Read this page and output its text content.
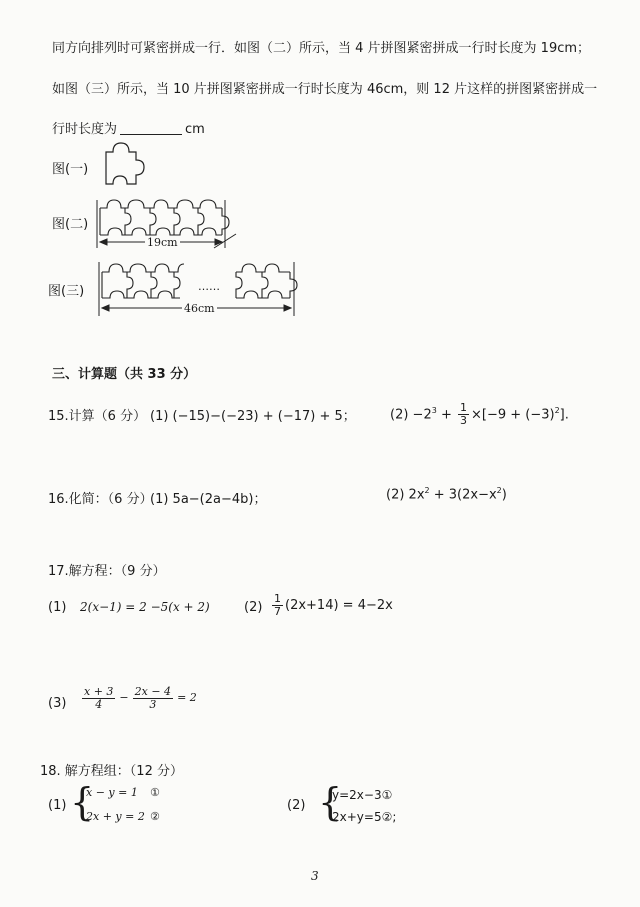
同方向排列时可紧密拼成一行．如图（二）所示，当 4 片拼图紧密拼成一行时长度为 19cm；
如图（三）所示，当 10 片拼图紧密拼成一行时长度为 46cm，则 12 片这样的拼图紧密拼成一
行时长度为	cm
图(一)
图(二)
图(三)
19cm
46cm
……
三、计算题（共 33 分）
15.计算（6 分） (1) (−15)−(−23) + (−17) + 5；	$(2) -2^3 + \frac{1}{3} \times[-9 + (-3)^2]$.
16.化简：（6 分）
(1) 5a−(2a−4b)；	(2) $2x^2 + 3(2x-x^2)$
17.解方程：（9 分）
(1) 2(x−1) = 2 −5(x + 2)	$(2) \frac{1}{7} (2x+14) = 4-2x$
$(3) \frac{x + 3}{4} - \frac{2x - 4}{3} = 2$
18. 解方程组：（12 分）
(1) {
x − y = 1 ①
2x + y = 2 ②
(2) {
y=2x−3①
2x+y=5②;
3
